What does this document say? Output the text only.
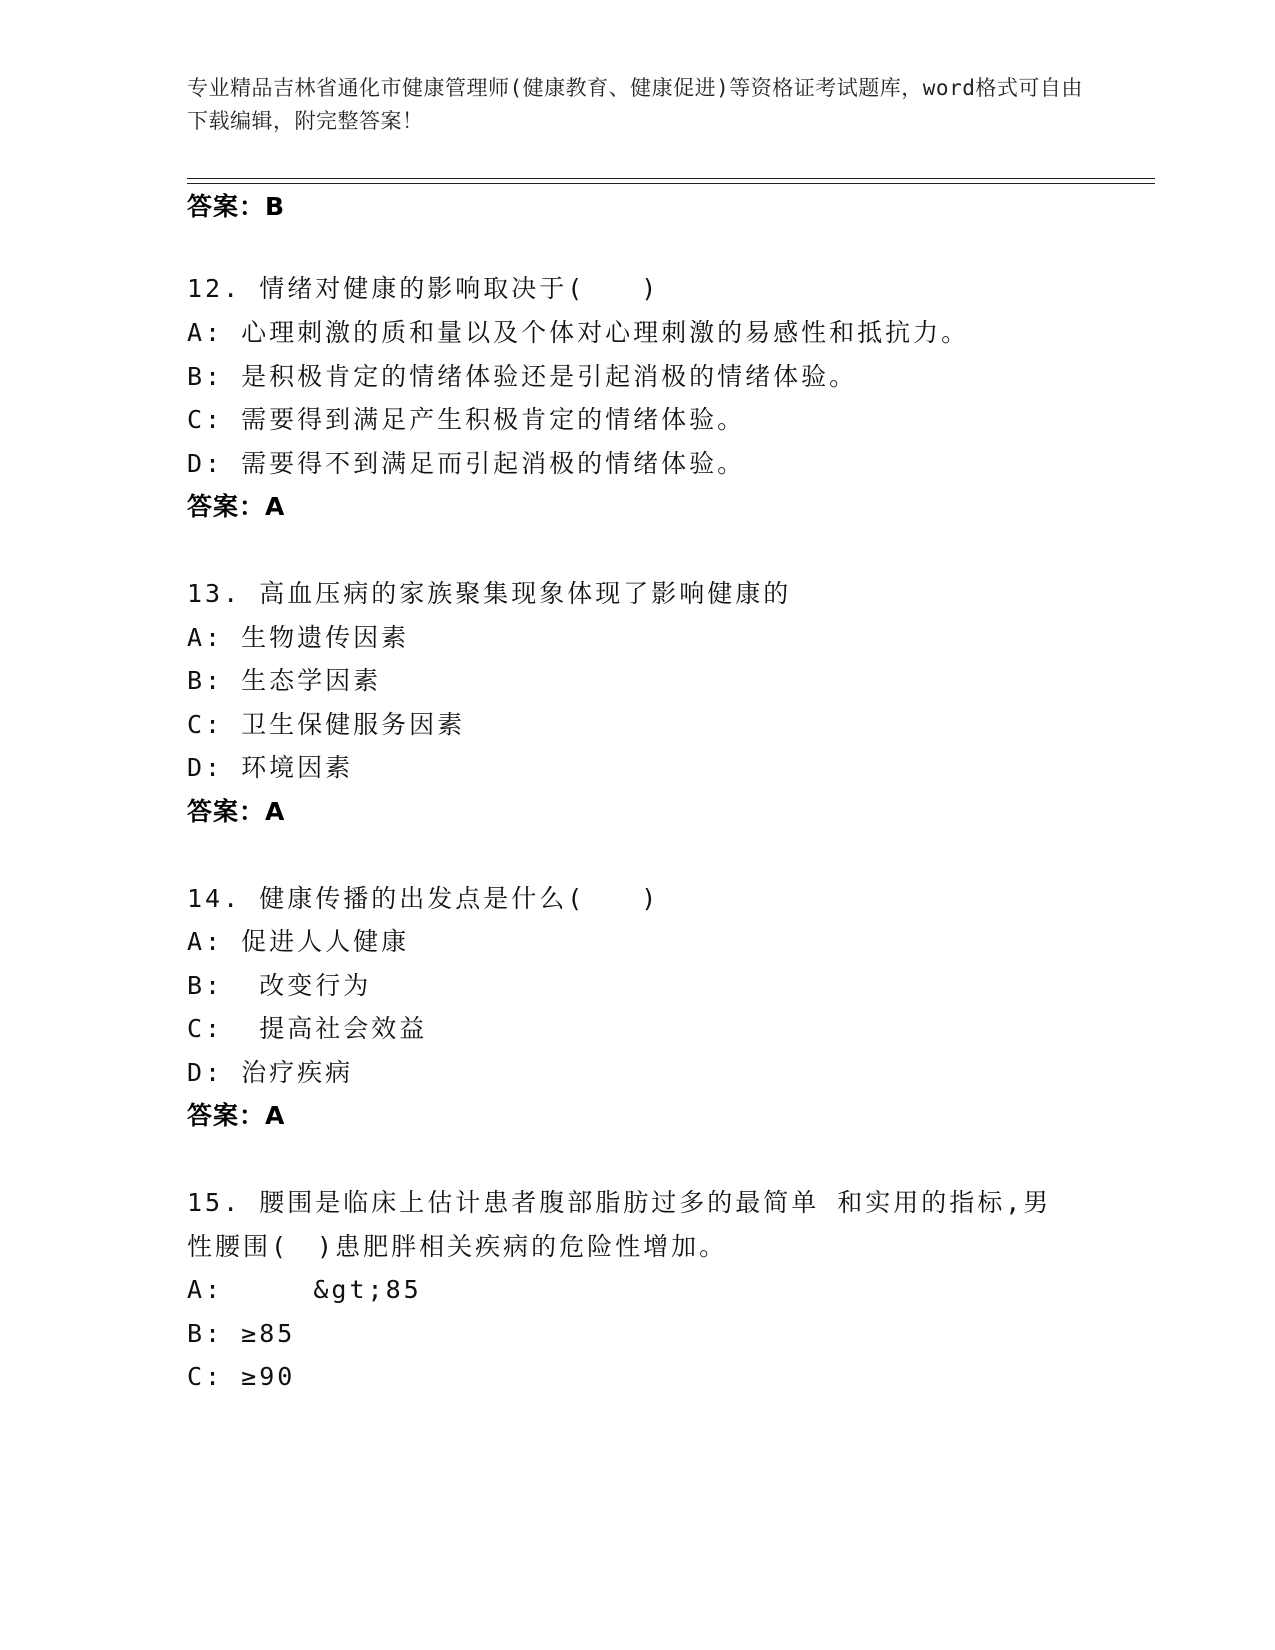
专业精品吉林省通化市健康管理师(健康教育、健康促进)等资格证考试题库，word格式可自由下载编辑，附完整答案！
答案：B
12. 情绪对健康的影响取决于(　　)
A: 心理刺激的质和量以及个体对心理刺激的易感性和抵抗力。
B: 是积极肯定的情绪体验还是引起消极的情绪体验。
C: 需要得到满足产生积极肯定的情绪体验。
D: 需要得不到满足而引起消极的情绪体验。
答案：A
13. 高血压病的家族聚集现象体现了影响健康的
A: 生物遗传因素
B: 生态学因素
C: 卫生保健服务因素
D: 环境因素
答案：A
14. 健康传播的出发点是什么(　　)
A: 促进人人健康
B:  改变行为
C:  提高社会效益
D: 治疗疾病
答案：A
15. 腰围是临床上估计患者腹部脂肪过多的最简单 和实用的指标,男
性腰围(　)患肥胖相关疾病的危险性增加。
A:     &gt;85
B: ≥85
C: ≥90
